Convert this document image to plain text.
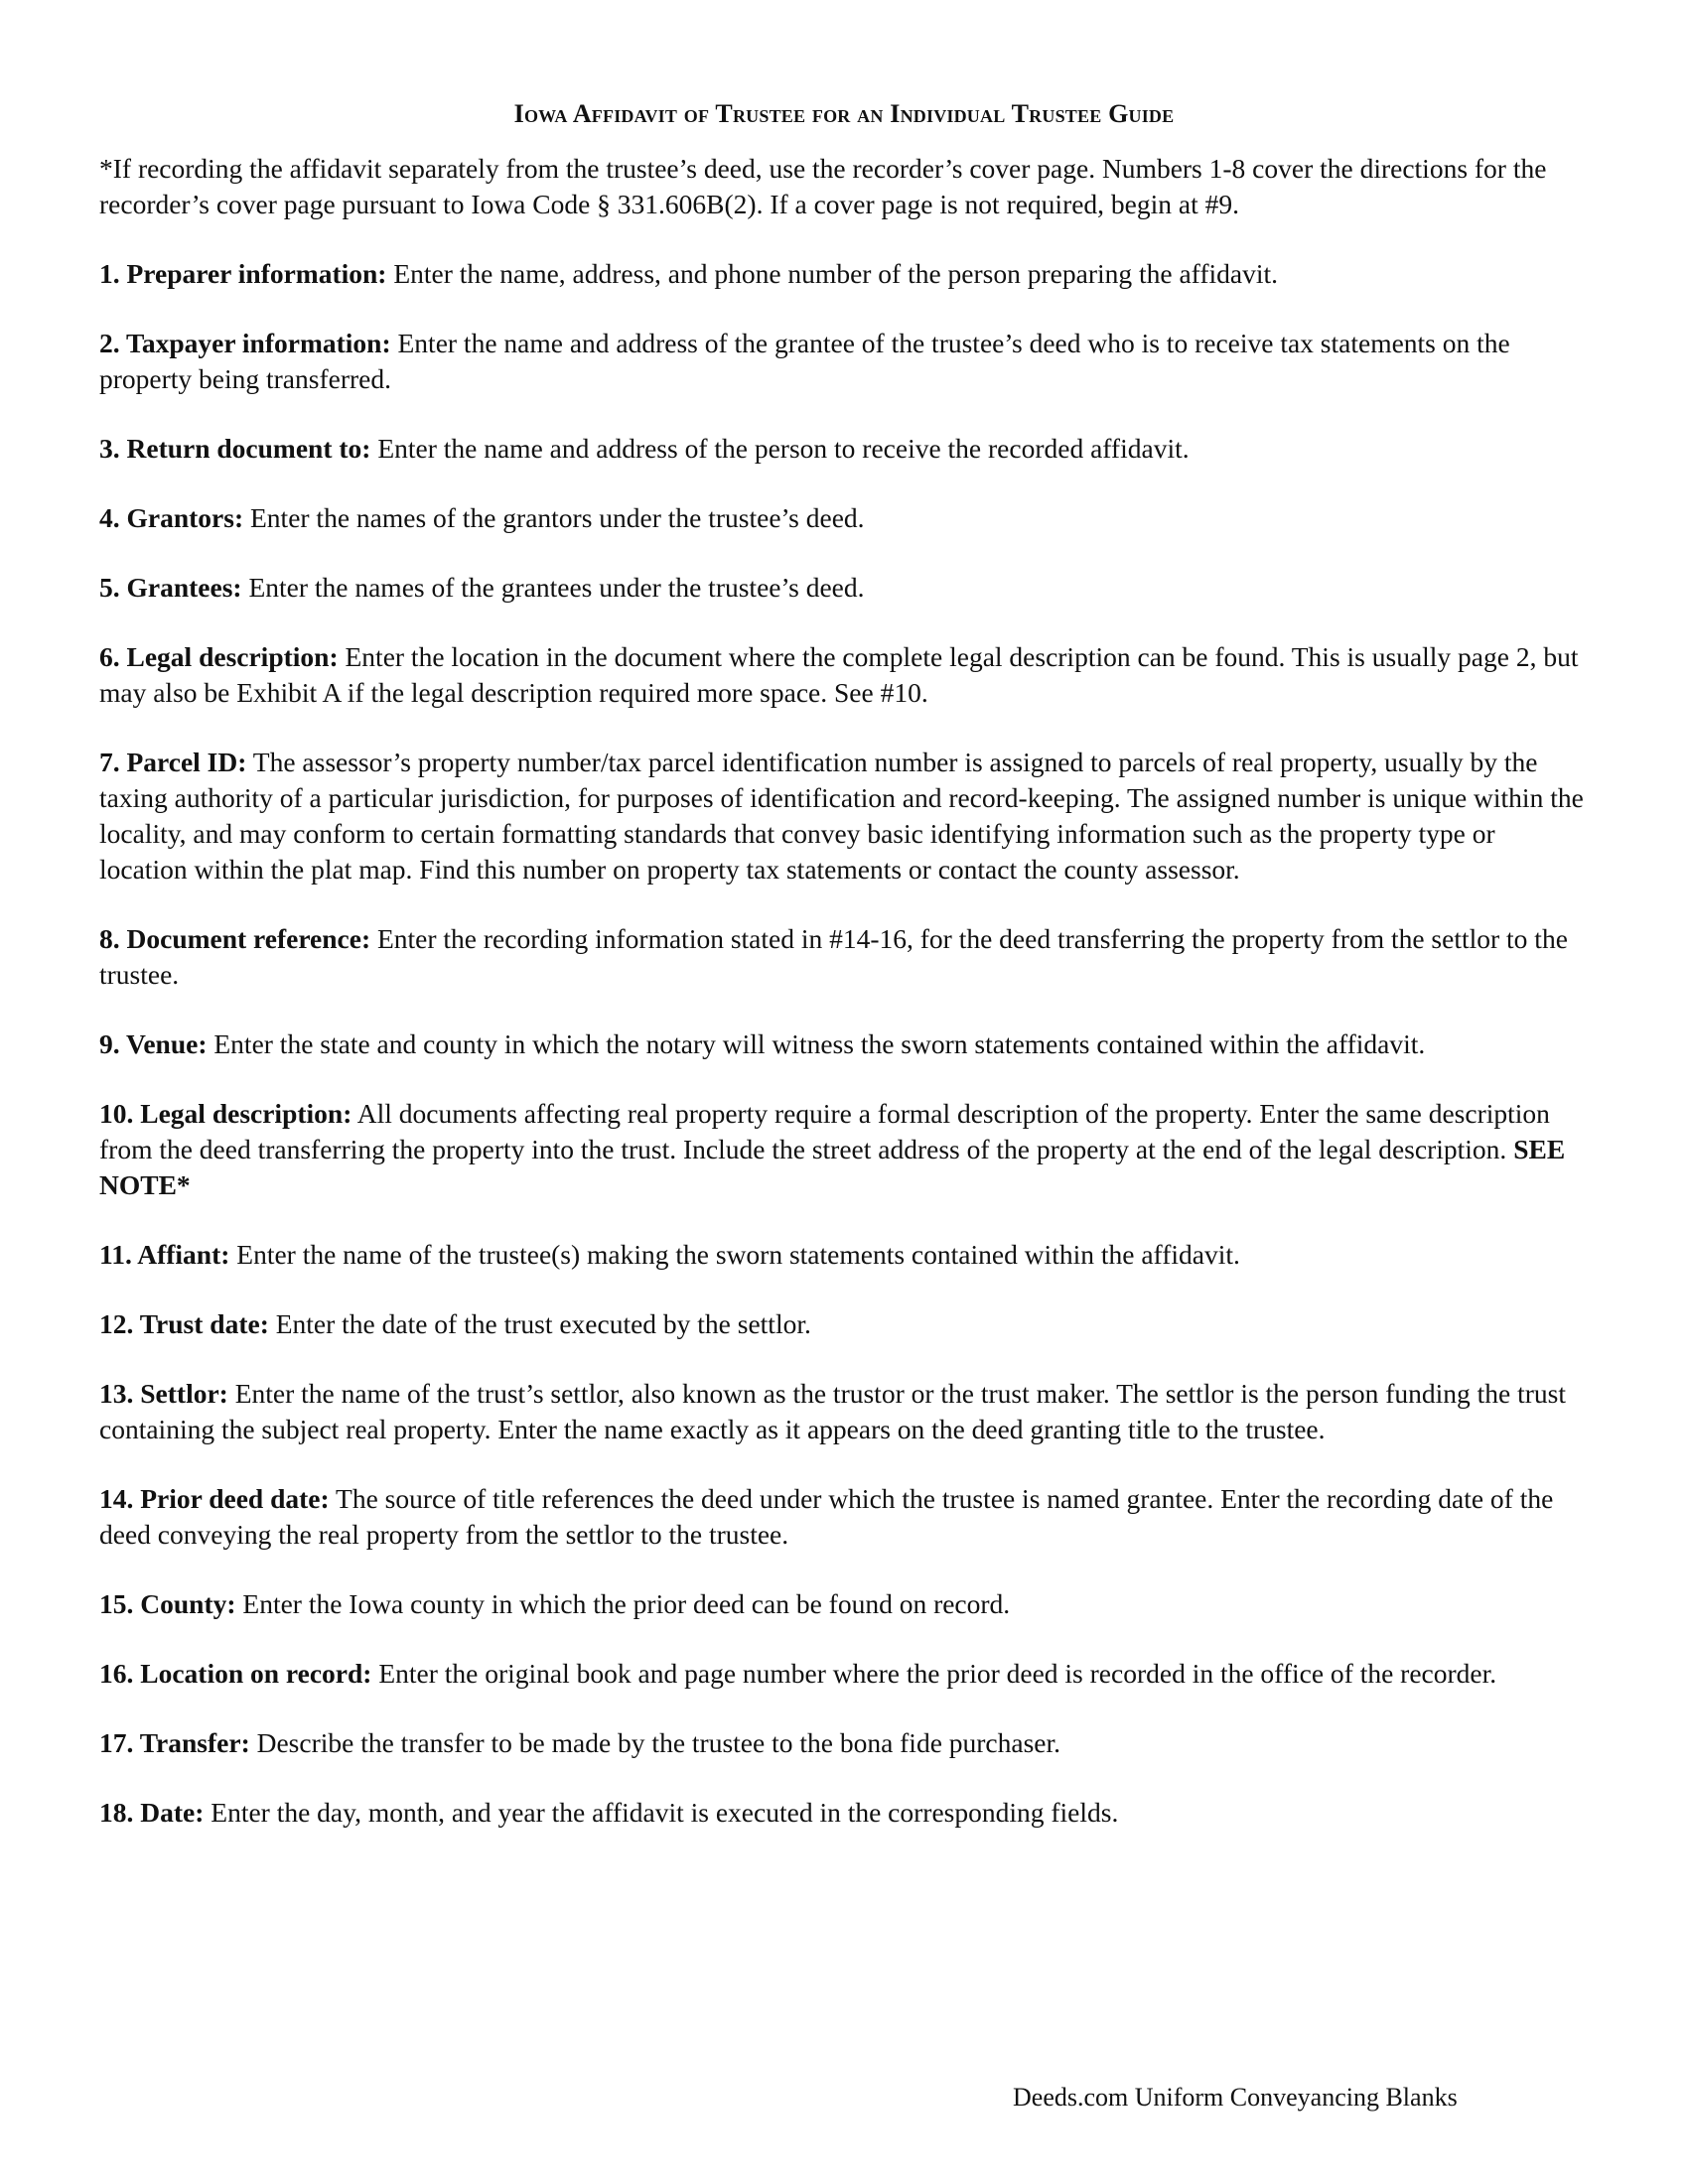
Iowa Affidavit of Trustee for an Individual Trustee Guide
*If recording the affidavit separately from the trustee’s deed, use the recorder’s cover page. Numbers 1-8 cover the directions for the recorder’s cover page pursuant to Iowa Code § 331.606B(2). If a cover page is not required, begin at #9.
1. Preparer information: Enter the name, address, and phone number of the person preparing the affidavit.
2. Taxpayer information: Enter the name and address of the grantee of the trustee’s deed who is to receive tax statements on the property being transferred.
3. Return document to: Enter the name and address of the person to receive the recorded affidavit.
4. Grantors: Enter the names of the grantors under the trustee’s deed.
5. Grantees: Enter the names of the grantees under the trustee’s deed.
6. Legal description: Enter the location in the document where the complete legal description can be found. This is usually page 2, but may also be Exhibit A if the legal description required more space. See #10.
7. Parcel ID: The assessor’s property number/tax parcel identification number is assigned to parcels of real property, usually by the taxing authority of a particular jurisdiction, for purposes of identification and record-keeping. The assigned number is unique within the locality, and may conform to certain formatting standards that convey basic identifying information such as the property type or location within the plat map. Find this number on property tax statements or contact the county assessor.
8. Document reference: Enter the recording information stated in #14-16, for the deed transferring the property from the settlor to the trustee.
9. Venue: Enter the state and county in which the notary will witness the sworn statements contained within the affidavit.
10. Legal description: All documents affecting real property require a formal description of the property. Enter the same description from the deed transferring the property into the trust. Include the street address of the property at the end of the legal description. SEE NOTE*
11. Affiant: Enter the name of the trustee(s) making the sworn statements contained within the affidavit.
12. Trust date: Enter the date of the trust executed by the settlor.
13. Settlor: Enter the name of the trust’s settlor, also known as the trustor or the trust maker. The settlor is the person funding the trust containing the subject real property. Enter the name exactly as it appears on the deed granting title to the trustee.
14. Prior deed date: The source of title references the deed under which the trustee is named grantee. Enter the recording date of the deed conveying the real property from the settlor to the trustee.
15. County: Enter the Iowa county in which the prior deed can be found on record.
16. Location on record: Enter the original book and page number where the prior deed is recorded in the office of the recorder.
17. Transfer: Describe the transfer to be made by the trustee to the bona fide purchaser.
18. Date: Enter the day, month, and year the affidavit is executed in the corresponding fields.
Deeds.com Uniform Conveyancing Blanks
